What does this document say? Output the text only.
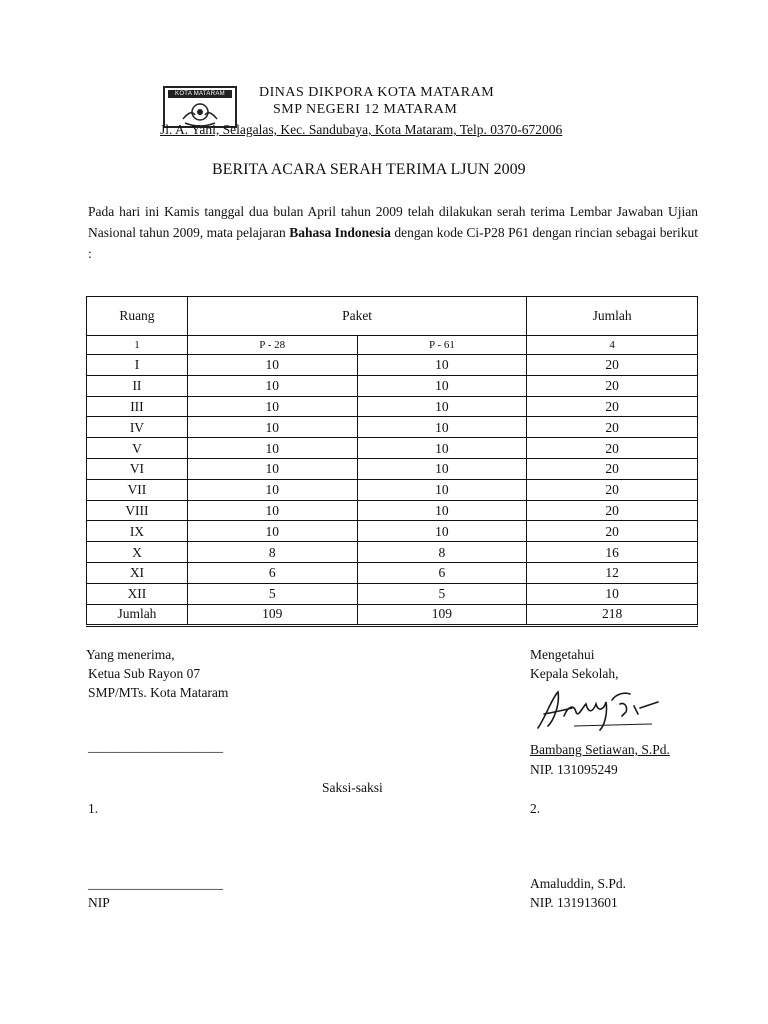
KOTA MATARAM	DINAS DIKPORA KOTA MATARAM
SMP NEGERI 12 MATARAM
Jl. A. Yani, Selagalas, Kec. Sandubaya, Kota Mataram, Telp. 0370-672006
BERITA ACARA SERAH TERIMA LJUN 2009
Pada hari ini Kamis tanggal dua bulan April tahun 2009 telah dilakukan serah terima Lembar Jawaban Ujian Nasional tahun 2009, mata pelajaran Bahasa Indonesia dengan kode Ci-P28 P61 dengan rincian sebagai berikut :
Ruang	Paket		Jumlah
1	P - 28	P - 61	4
I	10	10	20
II	10	10	20
III	10	10	20
IV	10	10	20
V	10	10	20
VI	10	10	20
VII	10	10	20
VIII	10	10	20
IX	10	10	20
X	8	8	16
XI	6	6	12
XII	5	5	10
Jumlah	109	109	218
Yang menerima,
Ketua Sub Rayon 07
SMP/MTs. Kota Mataram
____________________
Mengetahui
Kepala Sekolah,
Bambang Setiawan, S.Pd.
NIP. 131095249
Saksi-saksi
1.	2.
____________________
NIP
Amaluddin, S.Pd.
NIP. 131913601
